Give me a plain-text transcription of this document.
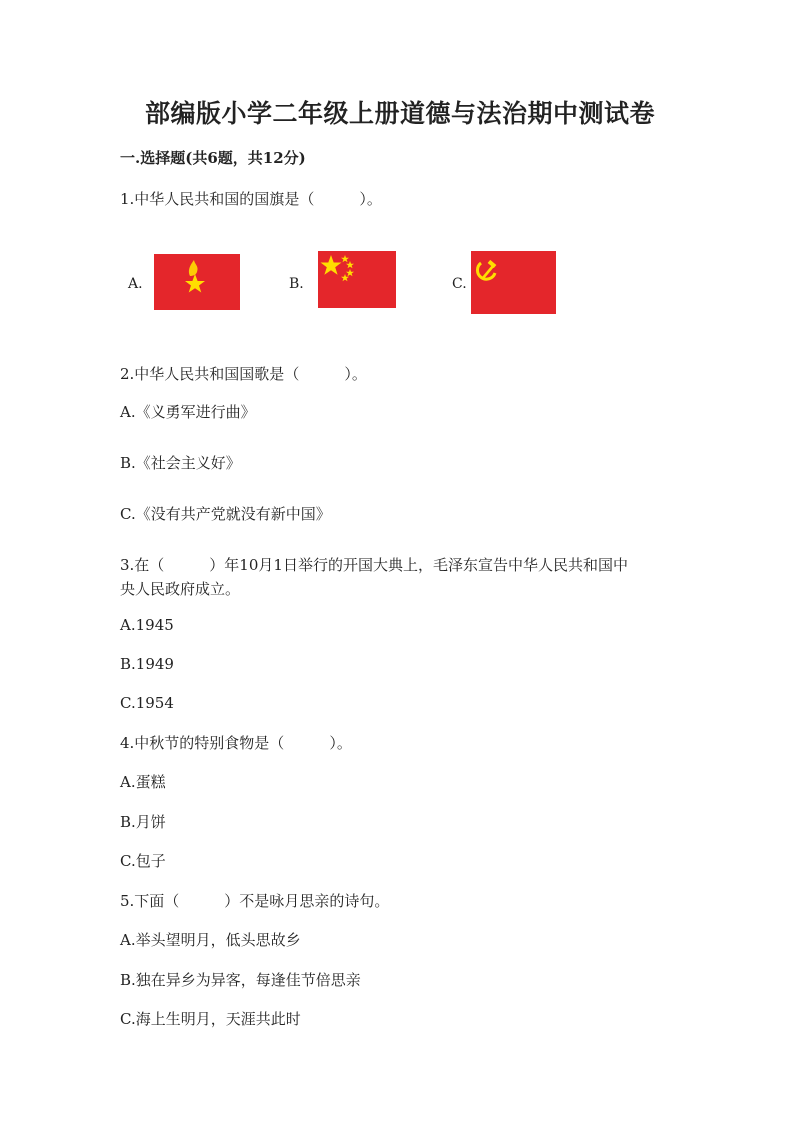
部编版小学二年级上册道德与法治期中测试卷
一.选择题(共6题，共12分)
1.中华人民共和国的国旗是（　　　）。
A.	B.	C.
2.中华人民共和国国歌是（　　　）。
A.《义勇军进行曲》
B.《社会主义好》
C.《没有共产党就没有新中国》
3.在（　　　）年10月1日举行的开国大典上，毛泽东宣告中华人民共和国中
央人民政府成立。
A.1945
B.1949
C.1954
4.中秋节的特别食物是（　　　）。
A.蛋糕
B.月饼
C.包子
5.下面（　　　）不是咏月思亲的诗句。
A.举头望明月，低头思故乡
B.独在异乡为异客，每逢佳节倍思亲
C.海上生明月，天涯共此时
